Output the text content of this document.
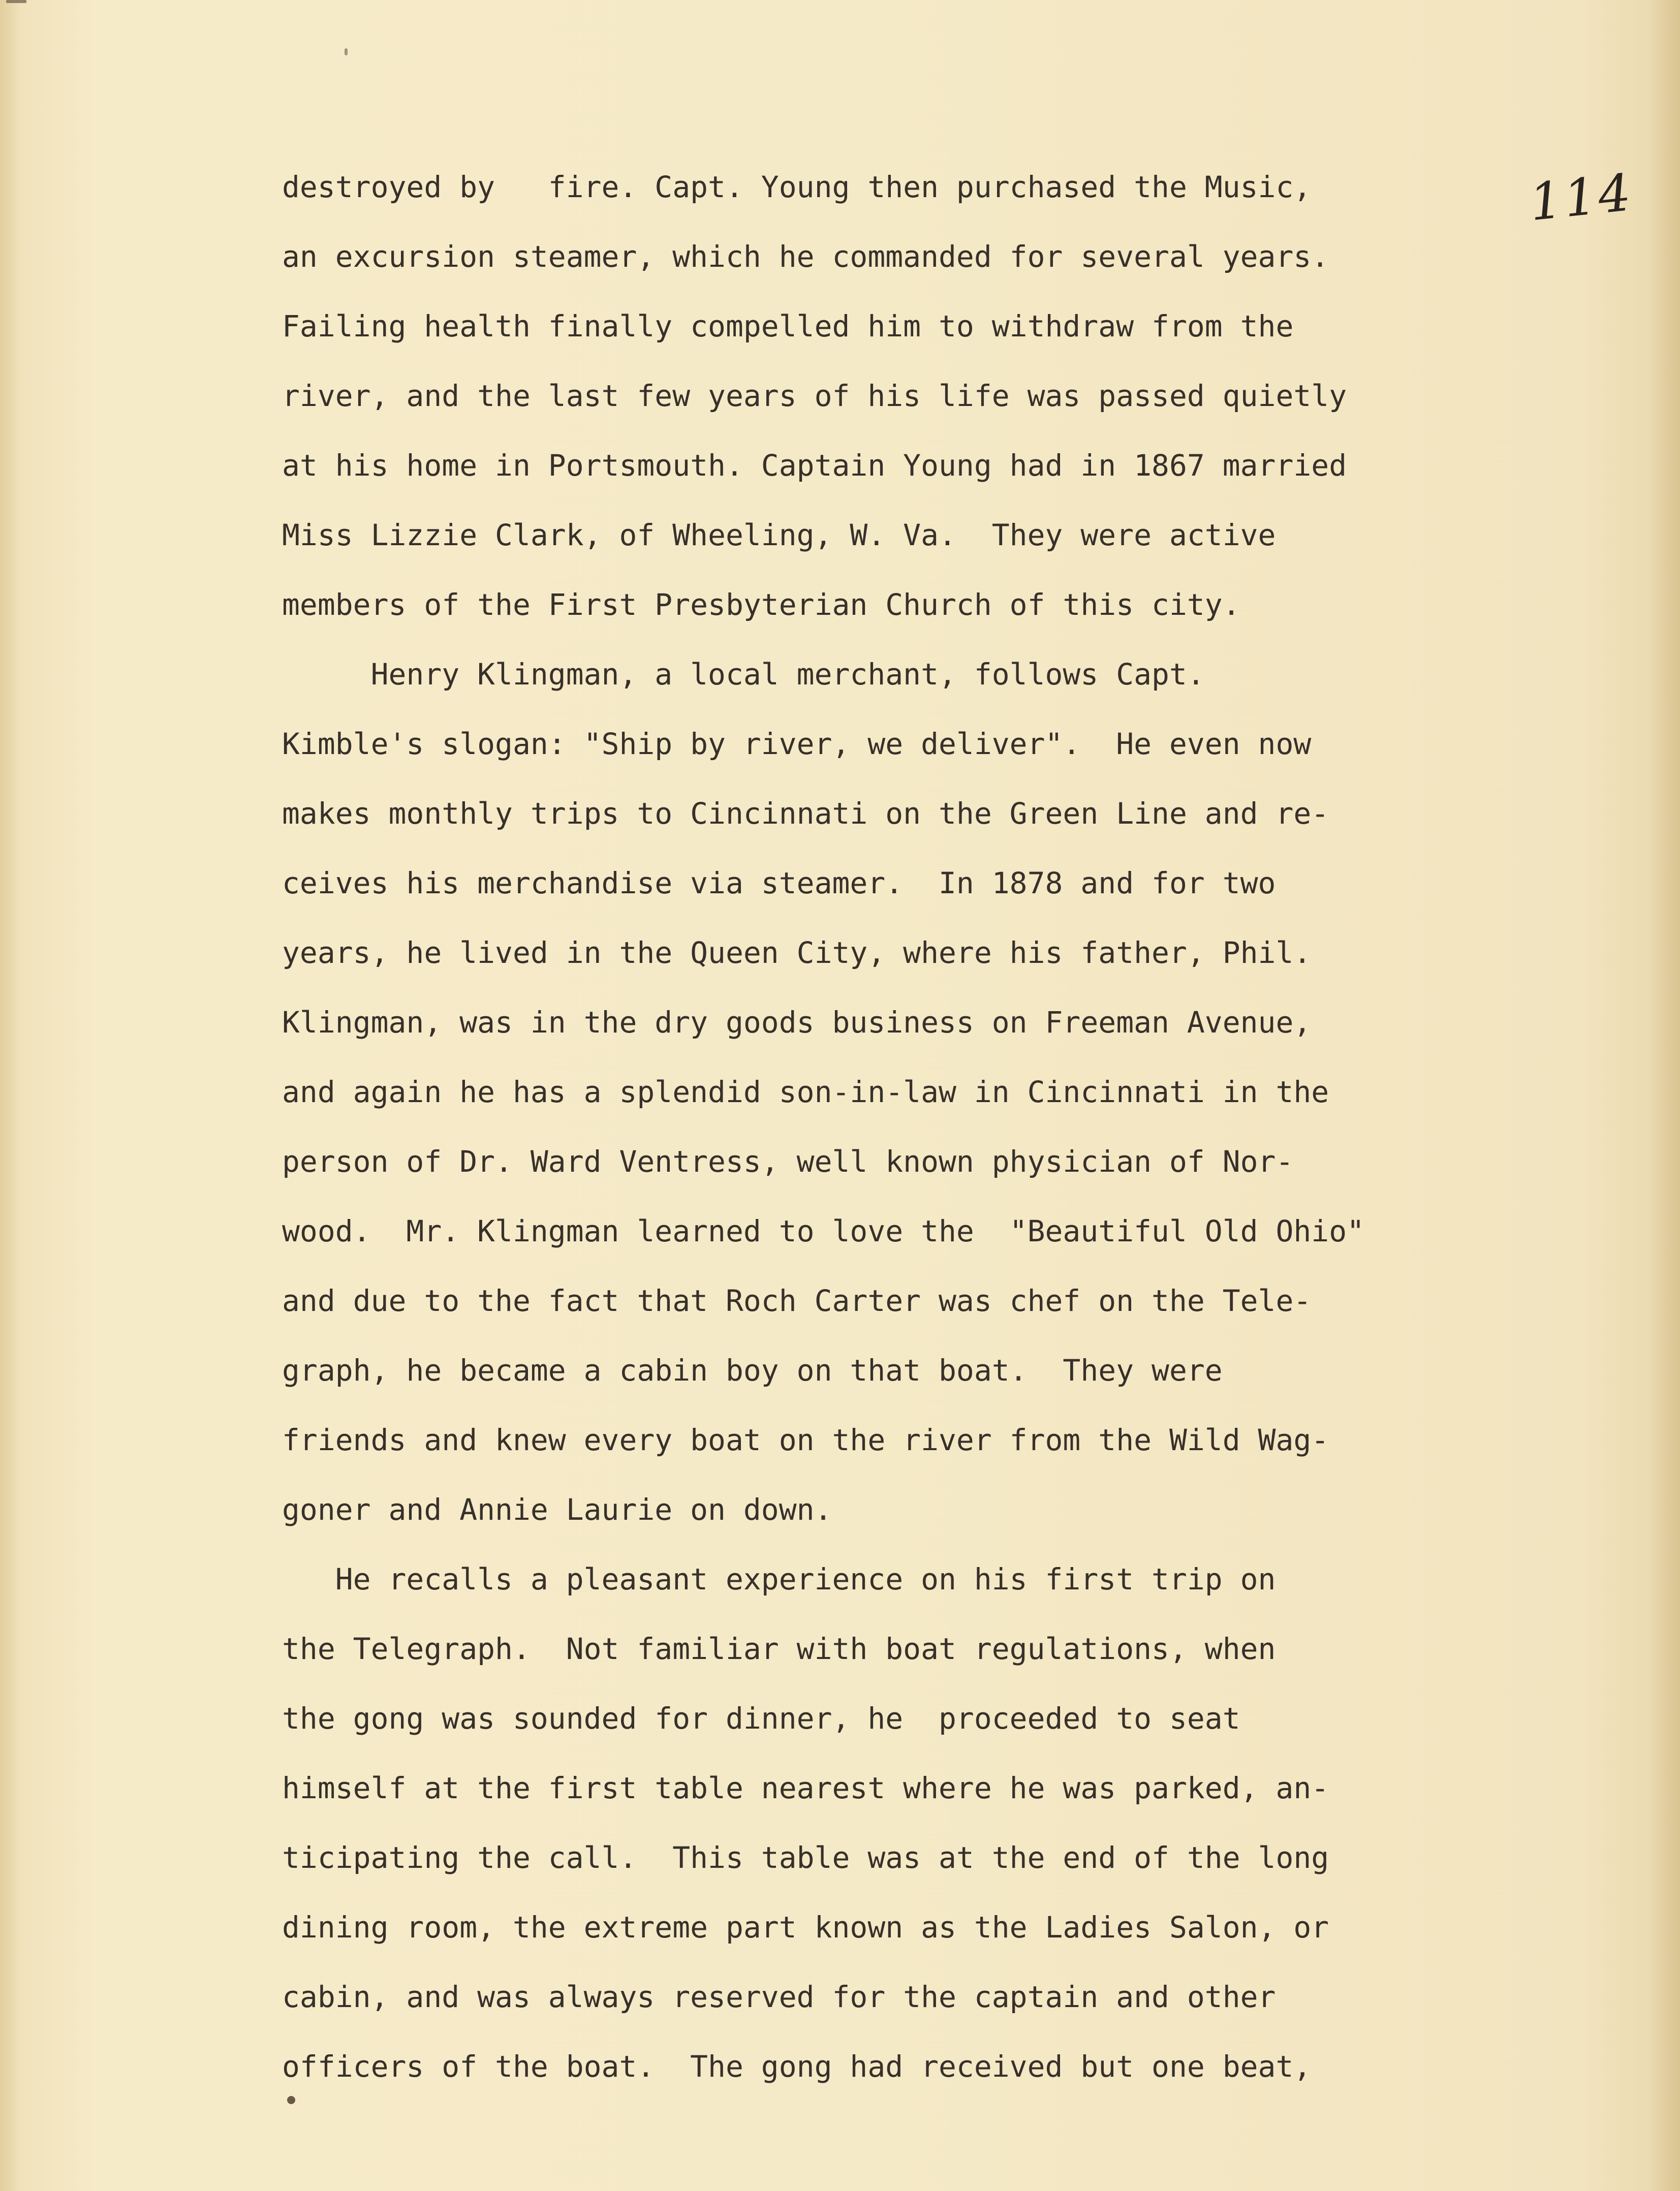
114

destroyed by   fire. Capt. Young then purchased the Music,
an excursion steamer, which he commanded for several years.
Failing health finally compelled him to withdraw from the
river, and the last few years of his life was passed quietly
at his home in Portsmouth. Captain Young had in 1867 married
Miss Lizzie Clark, of Wheeling, W. Va.  They were active
members of the First Presbyterian Church of this city.
Henry Klingman, a local merchant, follows Capt.
Kimble's slogan: "Ship by river, we deliver".  He even now
makes monthly trips to Cincinnati on the Green Line and re-
ceives his merchandise via steamer.  In 1878 and for two
years, he lived in the Queen City, where his father, Phil.
Klingman, was in the dry goods business on Freeman Avenue,
and again he has a splendid son-in-law in Cincinnati in the
person of Dr. Ward Ventress, well known physician of Nor-
wood.  Mr. Klingman learned to love the  "Beautiful Old Ohio"
and due to the fact that Roch Carter was chef on the Tele-
graph, he became a cabin boy on that boat.  They were
friends and knew every boat on the river from the Wild Wag-
goner and Annie Laurie on down.
He recalls a pleasant experience on his first trip on
the Telegraph.  Not familiar with boat regulations, when
the gong was sounded for dinner, he  proceeded to seat
himself at the first table nearest where he was parked, an-
ticipating the call.  This table was at the end of the long
dining room, the extreme part known as the Ladies Salon, or
cabin, and was always reserved for the captain and other
officers of the boat.  The gong had received but one beat,
